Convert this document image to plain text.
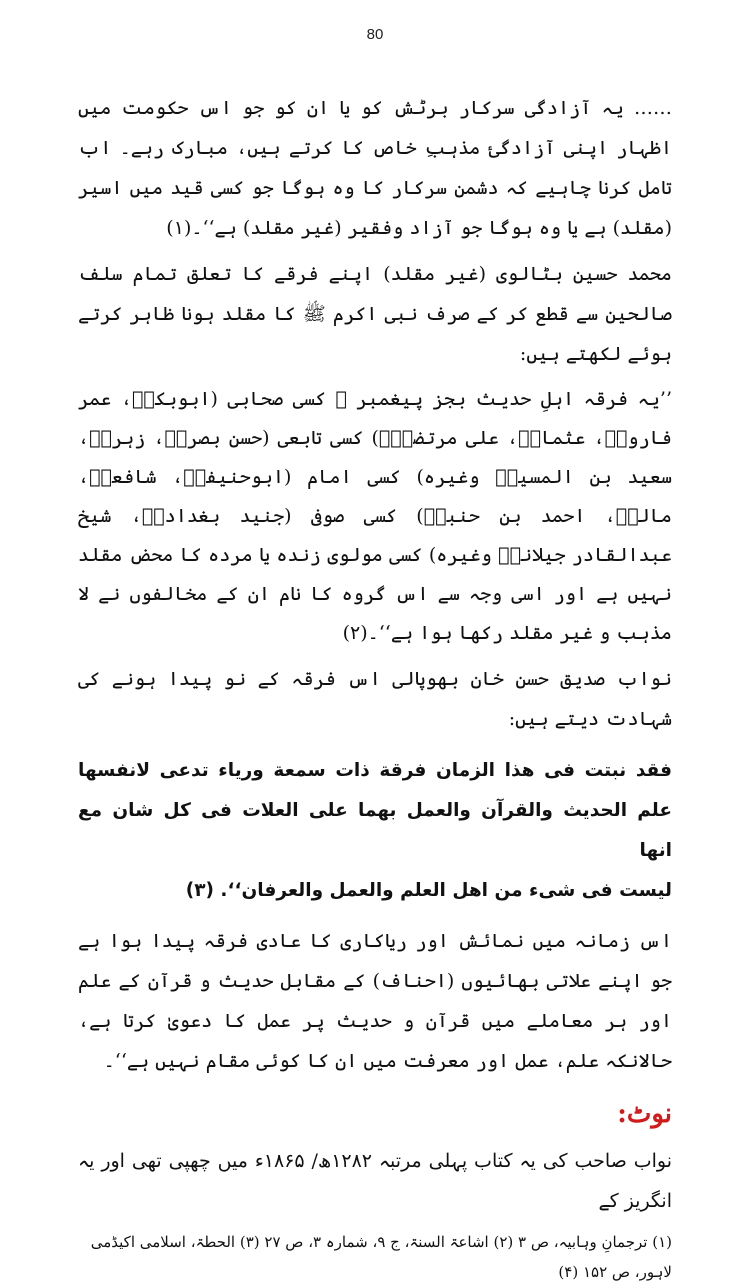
80

…… یہ آزادگی سرکار برٹش کو یا ان کو جو اس حکومت میں اظہار اپنی آزادگیٔ مذہبِ خاص کا کرتے ہیں، مبارک رہے۔ اب تامل کرنا چاہیے کہ دشمن سرکار کا وہ ہوگا جو کسی قید میں اسیر (مقلد) ہے یا وہ ہوگا جو آزاد وفقیر (غیر مقلد) ہے‘‘۔(۱)

محمد حسین بٹالوی (غیر مقلد) اپنے فرقے کا تعلق تمام سلف صالحین سے قطع کر کے صرف نبی اکرم ﷺ کا مقلد ہونا ظاہر کرتے ہوئے لکھتے ہیں:

’’یہ فرقہ اہلِ حدیث بجز پیغمبر ﷺ کسی صحابی (ابوبکرؓ، عمر فاروقؓ، عثمانؓ، علی مرتضیٰؓ) کسی تابعی (حسن بصریؒ، زہریؒ، سعید بن المسیبؒ وغیرہ) کسی امام (ابوحنیفہؒ، شافعیؒ، مالکؒ، احمد بن حنبلؒ) کسی صوفی (جنید بغدادیؒ، شیخ عبدالقادر جیلانیؒ وغیرہ) کسی مولوی زندہ یا مردہ کا محض مقلد نہیں ہے اور اسی وجہ سے اس گروہ کا نام ان کے مخالفوں نے لا مذہب و غیر مقلد رکھا ہوا ہے‘‘۔(۲)

نواب صدیق حسن خان بھوپالی اس فرقہ کے نو پیدا ہونے کی شہادت دیتے ہیں:

فقد نبتت فی ھذا الزمان فرقة ذات سمعة ورياء تدعی لانفسها علم الحديث والقرآن والعمل بهما علی العلات فی كل شان مع انها
ليست فی شیء من اهل العلم والعمل والعرفان‘‘. (۳)

اس زمانہ میں نمائش اور ریاکاری کا عادی فرقہ پیدا ہوا ہے جو اپنے علاتی بھائیوں (احناف) کے مقابل حدیث و قرآن کے علم اور ہر معاملے میں قرآن و حدیث پر عمل کا دعویٰ کرتا ہے، حالانکہ علم، عمل اور معرفت میں ان کا کوئی مقام نہیں ہے‘‘۔

نوٹ:

نواب صاحب کی یہ کتاب پہلی مرتبہ ۱۲۸۲ھ/ ۱۸۶۵ء میں چھپی تھی اور یہ انگریز کے

(۱) ترجمانِ وہابیہ، ص ۳ (۲) اشاعۃ السنۃ، ج ۹، شمارہ ۳، ص ۲۷ (۳) الحطۃ، اسلامی اکیڈمی لاہور، ص ۱۵۲ (۴)
